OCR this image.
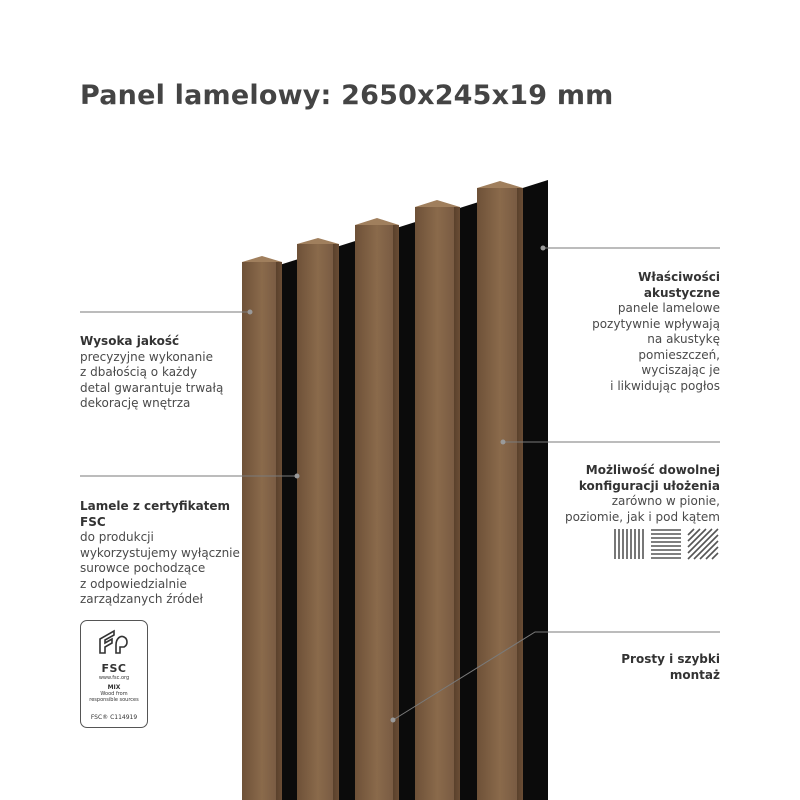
Panel lamelowy: 2650x245x19 mm
Wysoka jakość
precyzyjne wykonanie
z dbałością o każdy
detal gwarantuje trwałą
dekorację wnętrza
Lamele z certyfikatem
FSC
do produkcji
wykorzystujemy wyłącznie
surowce pochodzące
z odpowiedzialnie
zarządzanych źródeł
FSC
www.fsc.org
MIX
Wood from
responsible sources
FSC® C114919
Właściwości
akustyczne
panele lamelowe
pozytywnie wpływają
na akustykę
pomieszczeń,
wyciszając je
i likwidując pogłos
Możliwość dowolnej
konfiguracji ułożenia
zarówno w pionie,
poziomie, jak i pod kątem
Prosty i szybki
montaż
